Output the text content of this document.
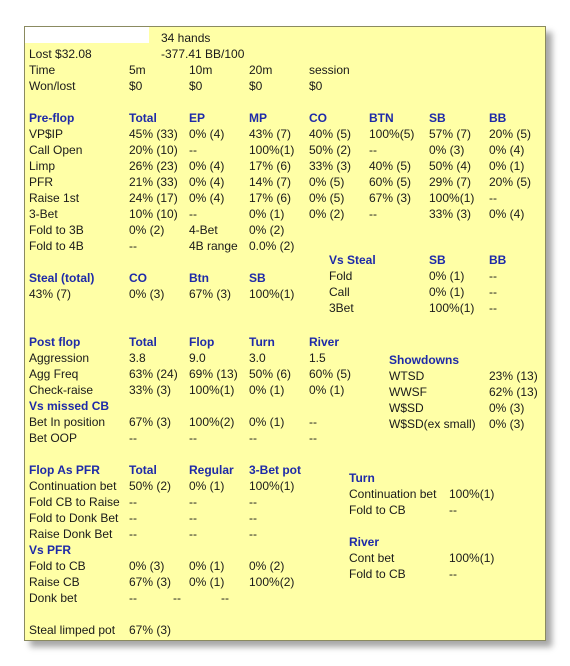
34 hands
Lost $32.08	-377.41 BB/100
Time	5m	10m	20m	session
Won/lost	$0	$0	$0	$0
Pre-flop	Total	EP	MP	CO	BTN	SB	BB
VP$IP	45% (33) 0% (4) 43% (7) 40% (5) 100%(5) 57% (7) 20% (5)
Call Open	20% (10) --	100%(1) 50% (2) --	0% (3) 0% (4)
Limp	26% (23) 0% (4) 17% (6) 33% (3) 40% (5) 50% (4) 0% (1)
PFR	21% (33) 0% (4) 14% (7) 0% (5) 60% (5) 29% (7) 20% (5)
Raise 1st	24% (17) 0% (4) 17% (6) 0% (5) 67% (3) 100%(1) --
3-Bet	10% (10) --	0% (1) 0% (2) --	33% (3) 0% (4)
Fold to 3B	0% (2) 4-Bet	0% (2)
Fold to 4B	--	4B range 0.0% (2)
Vs Steal	SB	BB
Fold	0% (1) --
Call	0% (1) --
3Bet	100%(1) --
Steal (total)	CO	Btn	SB
43% (7)	0% (3) 67% (3) 100%(1)
Post flop	Total	Flop	Turn	River
Aggression	3.8	9.0	3.0	1.5
Agg Freq	63% (24) 69% (13) 50% (6) 60% (5)
Check-raise	33% (3) 100%(1) 0% (1) 0% (1)
Vs missed CB
Bet In position 67% (3) 100%(2) 0% (1) --
Bet OOP	--	--	--	--
Showdowns
WTSD	23% (13)
WWSF	62% (13)
W$SD	0% (3)
W$SD(ex small) 0% (3)
Flop As PFR Total	Regular 3-Bet pot
Continuation bet 50% (2) 0% (1) 100%(1)
Fold CB to Raise --	--	--
Fold to Donk Bet --	--	--
Raise Donk Bet --	--	--
Vs PFR
Fold to CB	0% (3) 0% (1) 0% (2)
Raise CB	67% (3) 0% (1) 100%(2)
Donk bet	--	--	--
Steal limped pot 67% (3)
Turn
Continuation bet 100%(1)
Fold to CB	--
River
Cont bet	100%(1)
Fold to CB	--
